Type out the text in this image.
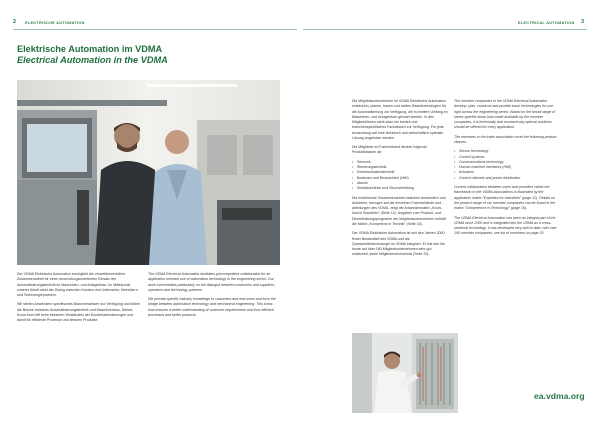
2 ELEKTRISCHE AUTOMATION	ELECTRICAL AUTOMATION 3
Elektrische Automation im VDMA
Electrical Automation in the VDMA

Der VDMA Elektrische Automation ermöglicht die vorwettbewerbliche Zusammenarbeit für einen anwendungsorientierten Einsatz der Automatisierungstechnik im Maschinen- und Anlagenbau. Im Mittelpunkt unserer Arbeit steht der Dialog zwischen Kunden und Lieferanten, Betreibern und Technologiepartnern.

Wir stellen Anwendern spezifisches Branchenwissen zur Verfügung und bilden die Brücke zwischen Automatisierungstechnik und Maschinenbau. Dieses Know-how hilft beim besseren Verständnis der Kundenanforderungen und damit für effiziente Prozesse und bessere Produkte.

The VDMA Electrical Automation facilitates precompetitive collaboration for an application-oriented use of automation technology in the engineering sector. Our work concentrates particularly on the dialogue between customers and suppliers, operators and technology partners.

We provide specific industry knowledge to customers and end users and form the bridge between automation technology and mechanical engineering. This know-how ensures a better understanding of customer requirements and thus efficient processes and better products.

Die Mitgliedsunternehmen im VDMA Elektrische Automation entwickeln, planen, bauen und stellen Basistechnologien für die Automatisierung zur Verfügung, die in breitem Umfang im Maschinen- und Anlagenbau genutzt werden. In den Mitgliedsfirmen steht dazu ein breites und branchenspezifisches Fachwissen zur Verfügung. Für jede Anwendung soll eine technisch und wirtschaftlich optimale Lösung angeboten werden.

Die Mitglieder im Fachverband decken folgende Produktklassen ab:

• Sensorik
• Steuerungstechnik
• Kommunikationstechnik
• Bedienen und Beobachten (HMI)
• Aktorik
• Schaltschränke und Stromverteilung

Die bestehende Zusammenarbeit zwischen Anwendern und Anbietern, bezogen auf die einzelnen Fachverbände und -abteilungen des VDMA, zeigt die Anwendermatrix „Know-how in Branchen“ (Seite 12). Angaben zum Produkt- und Dienstleistungsprogramm der Mitgliedsunternehmen enthält die Matrix „Kompetenz in Technik“ (Seite 16).

Der VDMA Elektrische Automation ist seit den Jahren 2000 fester Bestandteil des VDMA und als Querschnittstechnologie im VDMA integriert. Er hat sich bis heute auf über 160 Mitgliedsunternehmen sehr gut entwickelt, siehe Mitgliederverzeichnis (Seite 20).

The member companies in the VDMA Electrical Automation develop, plan, construct and provide basic technologies for use right across the engineering sector. Based on the broad range of sector-specific know-how made available by the member companies, it is technically and economically optimal solutions should be offered for every application.

The members in the trade association cover the following product classes:

• Sensor technology
• Control systems
• Communications technology
• Human-machine interfaces (HMI)
• Actuators
• Control cabinets and power distribution

Current collaboration between users and providers within the framework on the VDMA associations is illustrated by the application matrix “Expertise for industries” (page 12). Details on the product range of our member companies can be found in the matrix “Competence in Technology” (page 16).

The VDMA Electrical Automation has been an integral part of the VDMA since 2000 and is integrated into the VDMA as a cross-sectional technology. It has developed very well to date, with over 160 member companies, see list of members on page 20.

ea.vdma.org
